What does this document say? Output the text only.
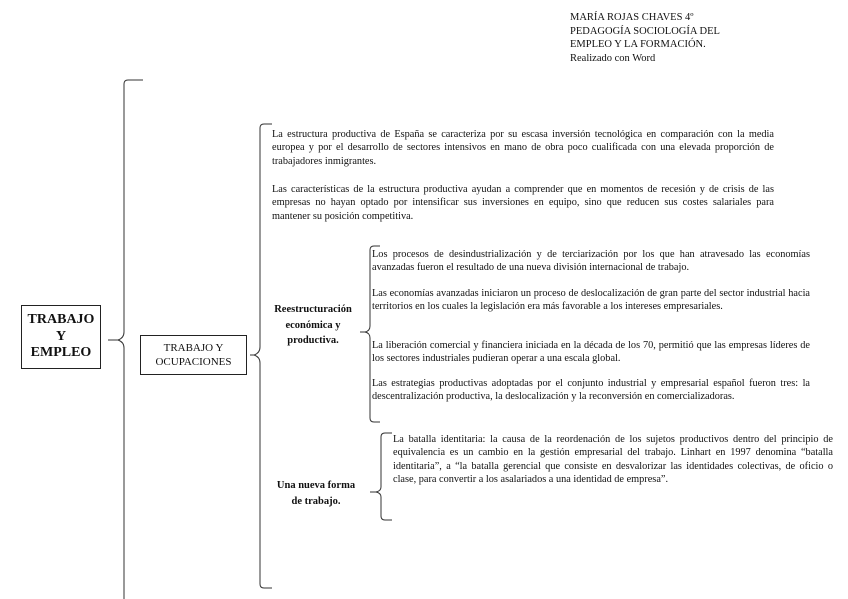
MARÍA ROJAS CHAVES 4º
PEDAGOGÍA SOCIOLOGÍA DEL
EMPLEO Y LA FORMACIÓN.
Realizado con Word
TRABAJO
Y
EMPLEO	TRABAJO Y
OCUPACIONES
La estructura productiva de España se caracteriza por su escasa inversión tecnológica en comparación con la media europea y por el desarrollo de sectores intensivos en mano de obra poco cualificada con una elevada proporción de trabajadores inmigrantes.
Las características de la estructura productiva ayudan a comprender que en momentos de recesión y de crisis de las empresas no hayan optado por intensificar sus inversiones en equipo, sino que reducen sus costes salariales para mantener su posición competitiva.
Reestructuración
económica y
productiva.
Los procesos de desindustrialización y de terciarización por los que han atravesado las economías avanzadas fueron el resultado de una nueva división internacional de trabajo.
Las economías avanzadas iniciaron un proceso de deslocalización de gran parte del sector industrial hacia territorios en los cuales la legislación era más favorable a los intereses empresariales.
La liberación comercial y financiera iniciada en la década de los 70, permitió que las empresas líderes de los sectores industriales pudieran operar a una escala global.
Las estrategias productivas adoptadas por el conjunto industrial y empresarial español fueron tres: la descentralización productiva, la deslocalización y la reconversión en comercializadoras.
Una nueva forma
de trabajo.
La batalla identitaria: la causa de la reordenación de los sujetos productivos dentro del principio de equivalencia es un cambio en la gestión empresarial del trabajo. Linhart en 1997 denomina “batalla identitaria”, a “la batalla gerencial que consiste en desvalorizar las identidades colectivas, de oficio o clase, para convertir a los asalariados a una identidad de empresa”.
